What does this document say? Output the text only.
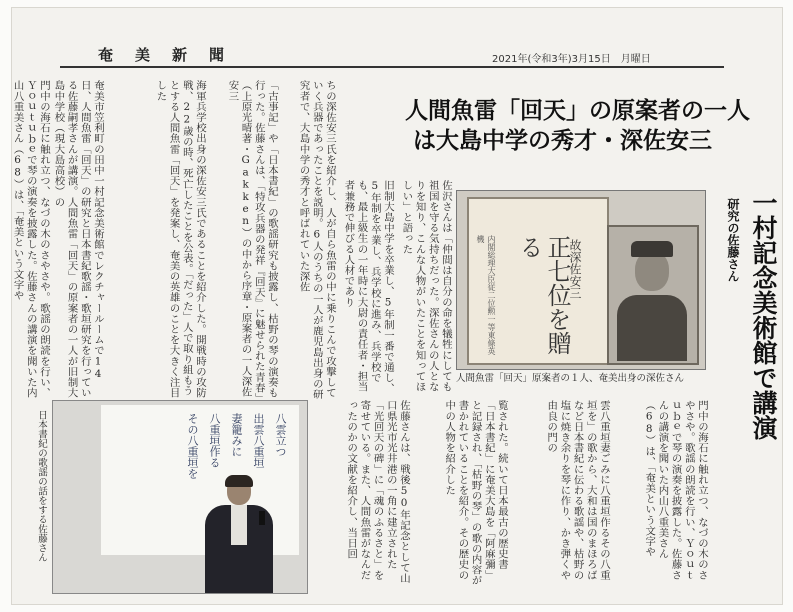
奄美新聞	2021年(令和3年)3月15日　月曜日
門中の海石に触れ立つ、なづの木のさやさや。歌謡の朗読を行い、Ｙｏｕｔｕｂｅで琴の演奏を披露した。佐藤さんの講演を聞いた内山八重美さん（68）は、「奄美という文字や	奄美市笠利町の田中一村記念美術館でレクチャールームで14日、人間魚雷「回天」の研究と日本書紀歌謡・歌垣研究を行っている佐藤嗣孝さんが講演。人間魚雷「回天」の原案者の一人が旧制大島中学校（現大島高校）の	海軍兵学校出身の深佐安三氏であることを紹介した。開戦時の攻防戦、22歳の時、死亡したことを公表。「だった」人で取り組もうとする人間魚雷「回天」を発案し、奄美の英雄のことを大きく注目した	「古事記」や「日本書紀」の歌謡研究も披露し、枯野の琴の演奏も行った。佐藤さんは、「特攻兵器の発祥『回天』に魅せられた青春」（上原光晴著・Gakken）の中から序章・原案者の一人深佐安三	ちの深佐安三氏を紹介し、人が自ら魚雷の中に乗りこんで攻撃していく兵器であったことを説明。6人のうちの一人が鹿児島出身の研究者で、大島中学の秀才と呼ばれていた深佐	旧制大島中学を卒業し、5年制一番で通し、5年制を卒業し、兵学校に進み、兵学校でも、最上級生の一年時に大尉の責任者・担当者兼務で伸びる人材であり	佐沢さんは「仲間は自分の命を犠牲にしても祖国を守る気持ちだった。深佐さんの人となりを知り、こんな人物がいたことを知ってほしい」と語った
佐藤さんは、戦後50年記念として山口県光市光井港の一角に建立された「光回天の碑」に「魂のふるさと」を寄せている。また、人間魚雷がなんだったのかの文献を紹介し、当日回	覧された。続いて日本最古の歴史書「日本書紀」に奄美大島を「阿麻彌」と記録され、「枯野の琴」の歌の内容が書かれていることを紹介。その歴史の中の人物を紹介した	雲八重垣妻ごみに八重垣作るその八重垣を」の歌から、大和は国のまほろばなど日本書紀に伝わる歌謡や、枯野の塩に焼き余りを琴に作り、かき弾くや由良の門の	門中の海石に触れ立つ、なづの木のさやさや。歌謡の朗読を行い、Ｙｏｕｔｕｂｅで琴の演奏を披露した。佐藤さんの講演を聞いた内山八重美さん（68）は、「奄美という文字や
人間魚雷「回天」の原案者の一人
は大島中学の秀才・深佐安三
研究の佐藤さん 一村記念美術館で講演
正七位を贈る	故深佐安三
内閣総理大臣従二位勲一等東條英機
人間魚雷「回天」原案者の１人、奄美出身の深佐さん
八雲立つ
出雲八重垣
妻籠みに
八重垣作る
その八重垣を
日本書紀の歌謡の話をする佐藤さん
